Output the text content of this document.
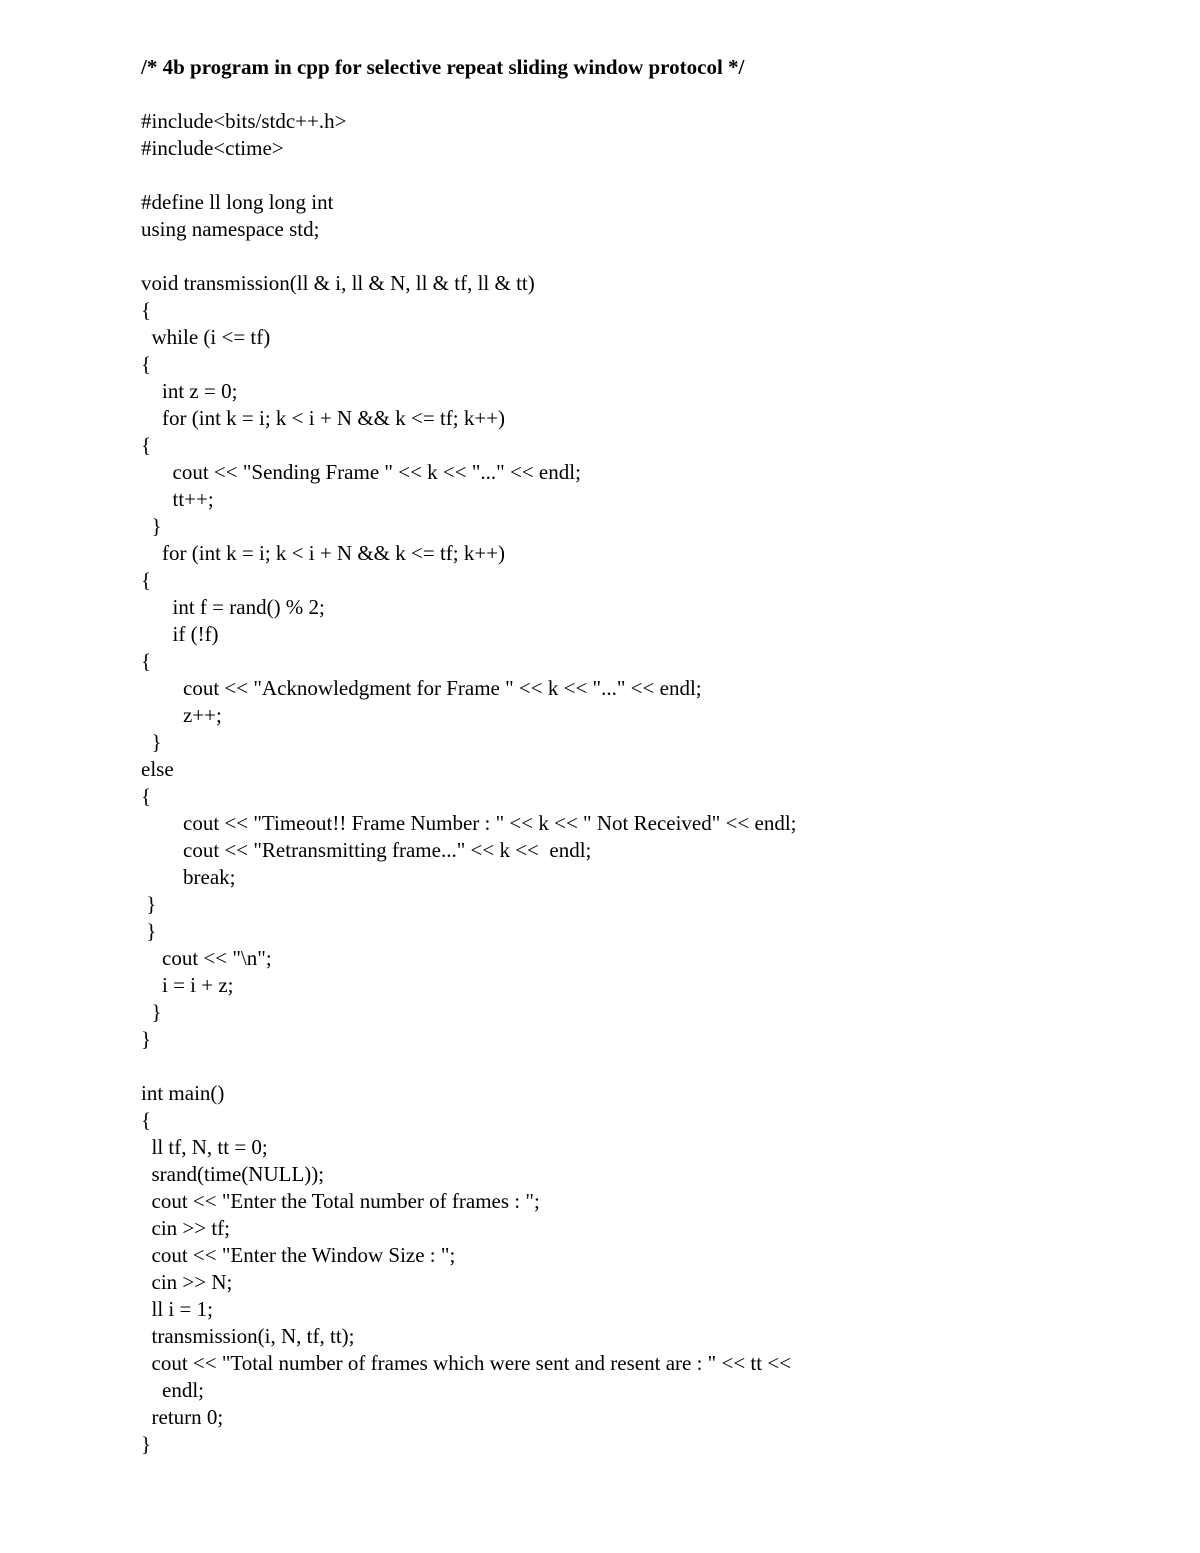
/* 4b program in cpp for selective repeat sliding window protocol */
#include<bits/stdc++.h>
#include<ctime>
#define ll long long int
using namespace std;
void transmission(ll & i, ll & N, ll & tf, ll & tt)
{
while (i <= tf)
{
int z = 0;
for (int k = i; k < i + N && k <= tf; k++)
{
cout << "Sending Frame " << k << "..." << endl;
tt++;
}
for (int k = i; k < i + N && k <= tf; k++)
{
int f = rand() % 2;
if (!f)
{
cout << "Acknowledgment for Frame " << k << "..." << endl;
z++;
}
else
{
cout << "Timeout!! Frame Number : " << k << " Not Received" << endl;
cout << "Retransmitting frame..." << k <<  endl;
break;
}
}
cout << "\n";
i = i + z;
}
}
int main()
{
ll tf, N, tt = 0;
srand(time(NULL));
cout << "Enter the Total number of frames : ";
cin >> tf;
cout << "Enter the Window Size : ";
cin >> N;
ll i = 1;
transmission(i, N, tf, tt);
cout << "Total number of frames which were sent and resent are : " << tt <<
endl;
return 0;
}
